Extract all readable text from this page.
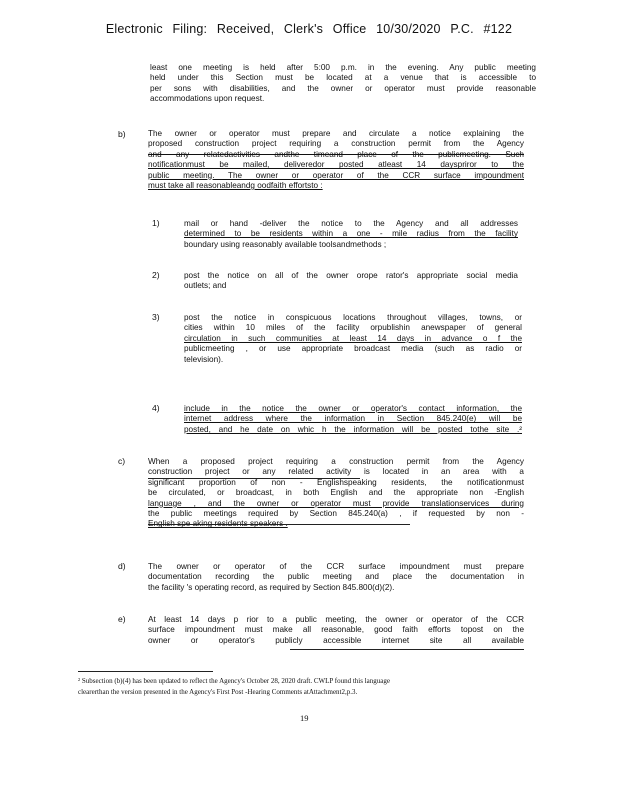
Electronic Filing: Received, Clerk's Office 10/30/2020 P.C. #122
least one meeting is held after 5:00 p.m. in the evening. Any public meeting
held under this Section must be located at a venue that is accessible to
per sons with disabilities, and the owner or operator must provide reasonable
accommodations upon request.
b)	The owner or operator must prepare and circulate a notice explaining the
proposed construction project requiring a construction permit from the Agency
and any relatedactivities andthe timeand place of the publicmeeting. Such
notificationmust be mailed, deliveredor posted atleast 14 dayspriror to the
public meeting. The owner or operator of the CCR surface impoundment
must take all reasonableandg oodfaith effortsto :
1)	mail or hand -deliver the notice to the Agency and all addresses
determined to be residents within a one - mile radius from the facility
boundary using reasonably available toolsandmethods ;
2)	post the notice on all of the owner orope rator's appropriate social media
outlets; and
3)	post the notice in conspicuous locations throughout villages, towns, or
cities within 10 miles of the facility orpublishin anewspaper of general
circulation in such communities at least 14 days in advance o f the
publicmeeting , or use appropriate broadcast media (such as radio or
television).
4)	include in the notice the owner or operator's contact information, the
internet address where the information in Section 845.240(e) will be
posted, and he date on whic h the information will be posted tothe site .²
c)	When a proposed project requiring a construction permit from the Agency
construction project or any related activity is located in an area with a
significant proportion of non - Englishspeaking residents, the notificationmust
be circulated, or broadcast, in both English and the appropriate non -English
language , and the owner or operator must provide translationservices during
the public meetings required by Section 845.240(a) , if requested by non -
English spe aking residents speakers .
d)	The owner or operator of the CCR surface impoundment must prepare
documentation recording the public meeting and place the documentation in
the facility 's operating record, as required by Section 845.800(d)(2).
e)	At least 14 days p rior to a public meeting, the owner or operator of the CCR
surface impoundment must make all reasonable, good faith efforts topost on the
owner or operator's publicly accessible internet site all available
² Subsection (b)(4) has been updated to reflect the Agency's October 28, 2020 draft. CWLP found this language
clearerthan the version presented in the Agency's First Post -Hearing Comments atAttachment2,p.3.
19
